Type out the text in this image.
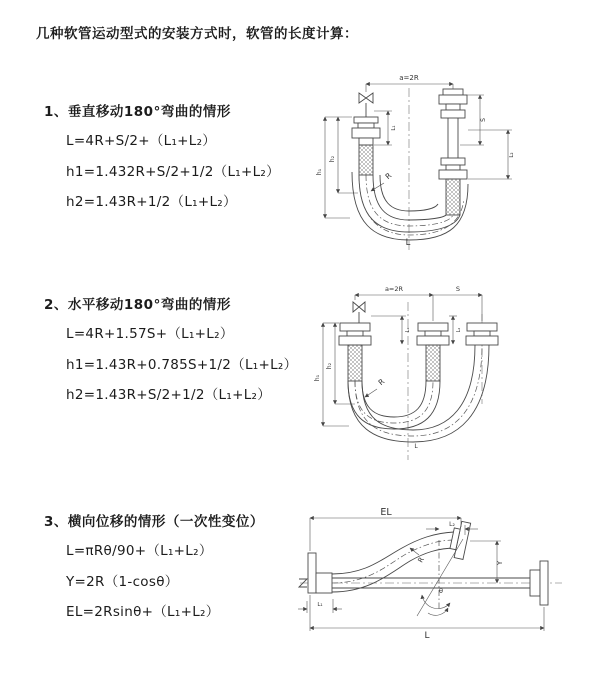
几种软管运动型式的安装方式时，软管的长度计算：
1、垂直移动180°弯曲的情形
L=4R+S/2+（L₁+L₂）
h1=1.432R+S/2+1/2（L₁+L₂）
h2=1.43R+1/2（L₁+L₂）
a=2R
h₁
h₂
L₁
S
L₂
R
L
2、水平移动180°弯曲的情形
L=4R+1.57S+（L₁+L₂）
h1=1.43R+0.785S+1/2（L₁+L₂）
h2=1.43R+S/2+1/2（L₁+L₂）
a=2R	S
h₁
h₂
L₁	L₂
R
L
3、横向位移的情形（一次性变位）
L=πRθ/90+（L₁+L₂）
Y=2R（1-cosθ）
EL=2Rsinθ+（L₁+L₂）
EL
L₂
Y
θ
R
L₁
L
